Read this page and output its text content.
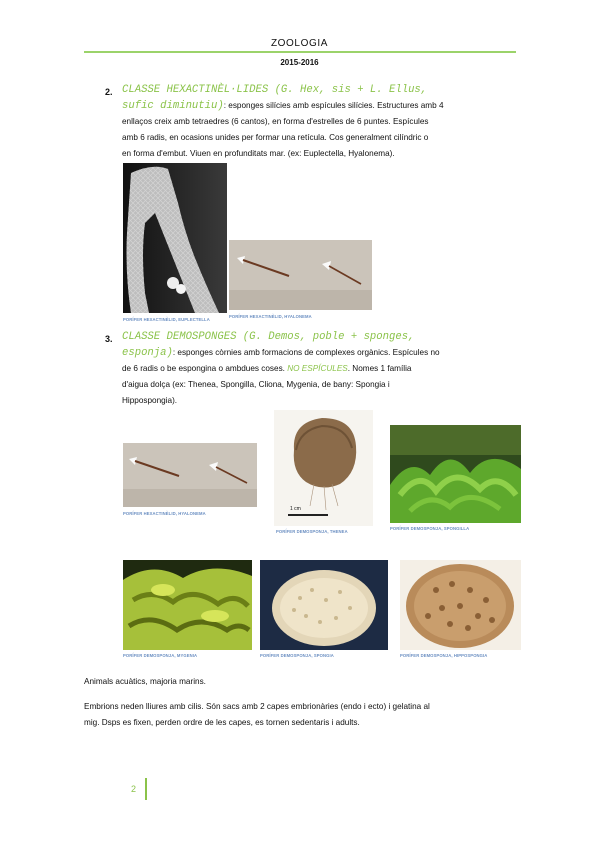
ZOOLOGIA
2015-2016
2. CLASSE HEXACTINÈL·LIDES (G. Hex, sis + L. Ellus,
sufic diminutiu): esponges silícies amb espícules silícies. Estructures amb 4
enllaços creix amb tetraedres (6 cantos), en forma d'estrelles de 6 puntes. Espícules
amb 6 radis, en ocasions unides per formar una retícula. Cos generalment cilíndric o
en forma d'embut. Viuen en profunditats mar. (ex: Euplectella, Hyalonema).
PORÍFER HEXACTINÈLID, EUPLECTELLA
PORÍFER HEXACTINÈLID, HYALONEMA
3. CLASSE DEMOSPONGES (G. Demos, poble + sponges,
esponja): esponges còrnies amb formacions de complexes orgànics. Espícules no
de 6 radis o be espongina o ambdues coses. NO ESPÍCULES. Nomes 1 família
d'aigua dolça (ex: Thenea, Spongilla, Cliona, Mygenia, de bany: Spongia i
Hippospongia).
PORÍFER HEXACTINÈLID, HYALONEMA
1 cm
PORÍFER DEMOSPONJA, THENEA
PORÍFER DEMOSPONJA, SPONGILLA
PORÍFER DEMOSPONJA, MYGENIA	PORÍFER DEMOSPONJA, SPONGIA	PORÍFER DEMOSPONJA, HIPPOSPONGIA
Animals acuàtics, majoria marins.
Embrions neden lliures amb cilis. Són sacs amb 2 capes embrionàries (endo i ecto) i gelatina al
mig. Dsps es fixen, perden ordre de les capes, es tornen sedentaris i adults.
2
